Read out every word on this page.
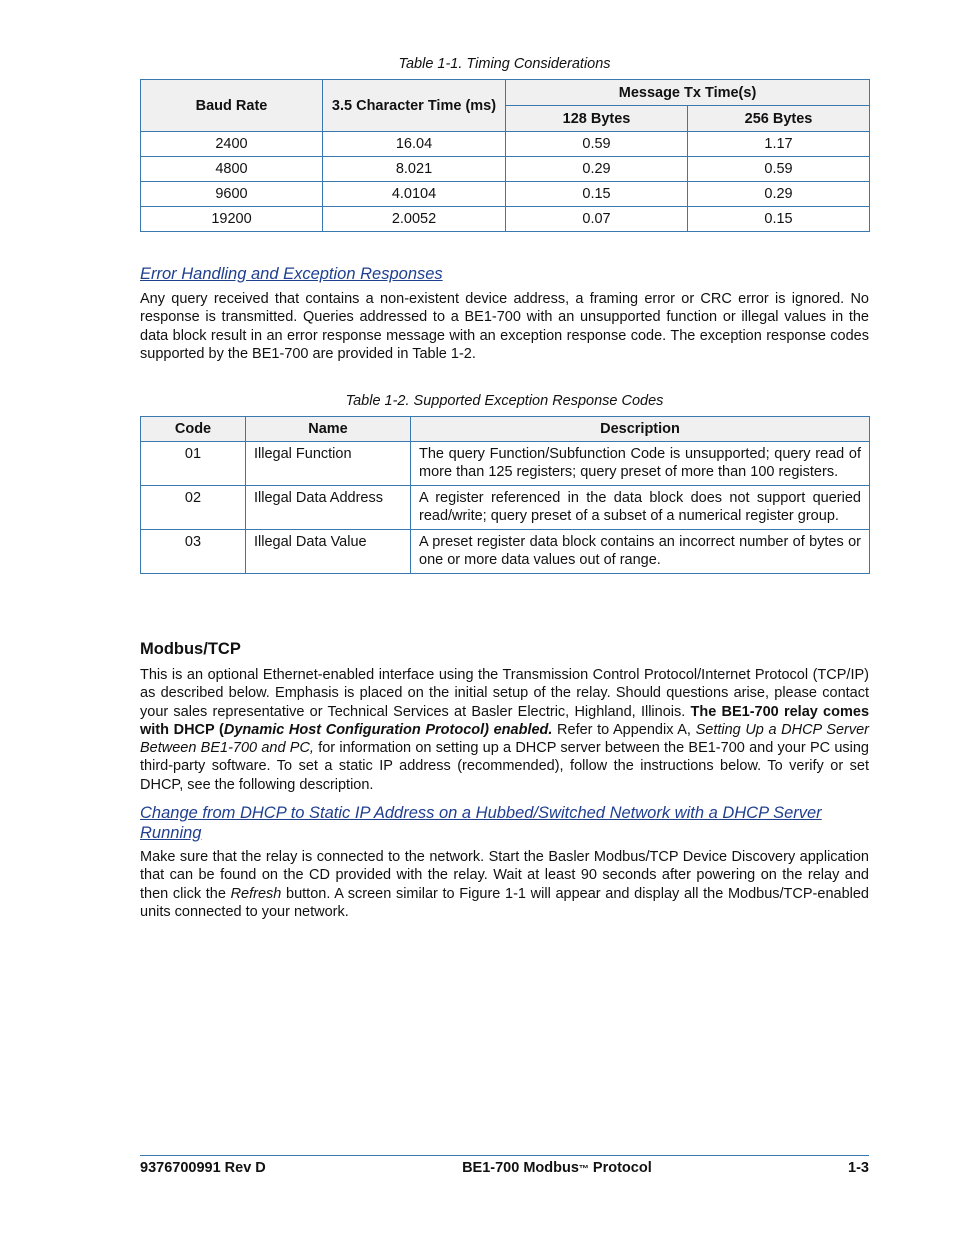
Table 1-1. Timing Considerations
Baud Rate	3.5 Character Time (ms)	Message Tx Time(s)	
		128 Bytes	256 Bytes
2400	16.04	0.59	1.17
4800	8.021	0.29	0.59
9600	4.0104	0.15	0.29
19200	2.0052	0.07	0.15
Error Handling and Exception Responses
Any query received that contains a non-existent device address, a framing error or CRC error is ignored. No response is transmitted. Queries addressed to a BE1-700 with an unsupported function or illegal values in the data block result in an error response message with an exception response code. The exception response codes supported by the BE1-700 are provided in Table 1-2.
Table 1-2. Supported Exception Response Codes
Code	Name	Description
01	Illegal Function	The query Function/Subfunction Code is unsupported; query read of more than 125 registers; query preset of more than 100 registers.
02	Illegal Data Address	A register referenced in the data block does not support queried read/write; query preset of a subset of a numerical register group.
03	Illegal Data Value	A preset register data block contains an incorrect number of bytes or one or more data values out of range.
Modbus/TCP
This is an optional Ethernet-enabled interface using the Transmission Control Protocol/Internet Protocol (TCP/IP) as described below. Emphasis is placed on the initial setup of the relay. Should questions arise, please contact your sales representative or Technical Services at Basler Electric, Highland, Illinois. The BE1-700 relay comes with DHCP (Dynamic Host Configuration Protocol) enabled. Refer to Appendix A, Setting Up a DHCP Server Between BE1-700 and PC, for information on setting up a DHCP server between the BE1-700 and your PC using third-party software. To set a static IP address (recommended), follow the instructions below. To verify or set DHCP, see the following description.
Change from DHCP to Static IP Address on a Hubbed/Switched Network with a DHCP Server Running
Make sure that the relay is connected to the network. Start the Basler Modbus/TCP Device Discovery application that can be found on the CD provided with the relay. Wait at least 90 seconds after powering on the relay and then click the Refresh button. A screen similar to Figure 1-1 will appear and display all the Modbus/TCP-enabled units connected to your network.
9376700991 Rev D	BE1-700 Modbus™ Protocol	1-3
